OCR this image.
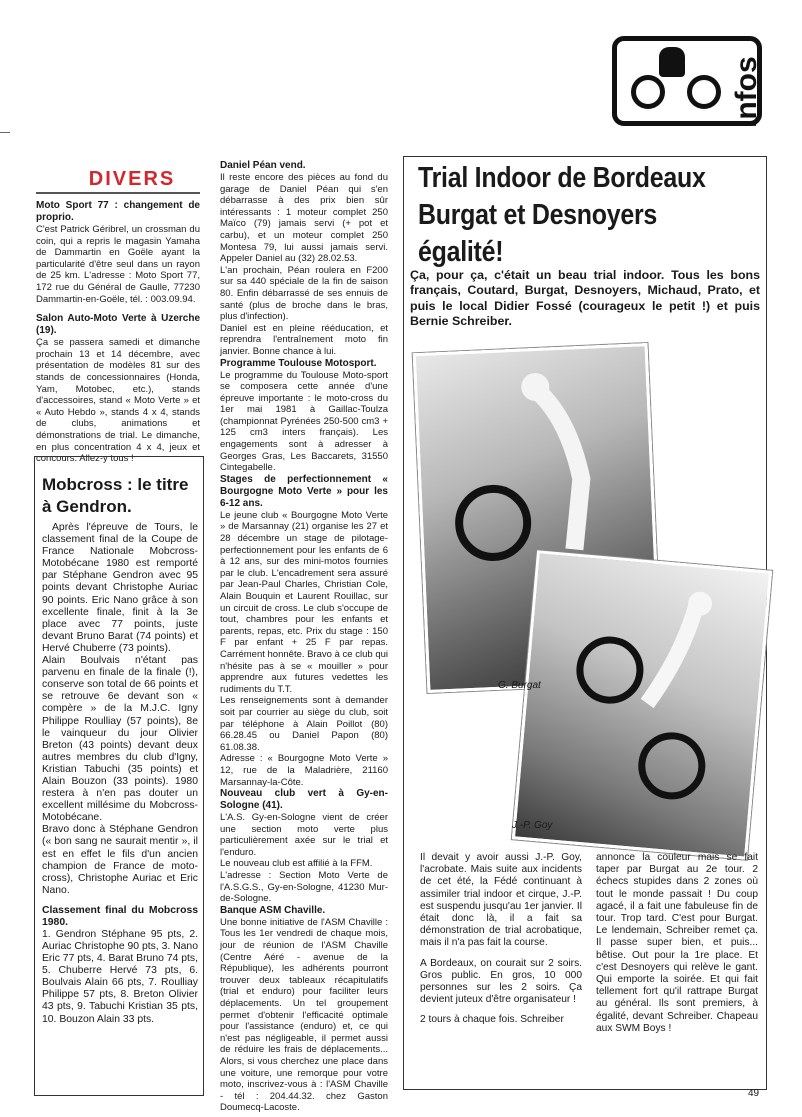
infos
DIVERS

Moto Sport 77 : changement de proprio.

C'est Patrick Géribrel, un crossman du coin, qui a repris le magasin Yamaha de Dammartin en Goële ayant la particularité d'être seul dans un rayon de 25 km. L'adresse : Moto Sport 77, 172 rue du Général de Gaulle, 77230 Dammartin-en-Goële, tél. : 003.09.94.

Salon Auto-Moto Verte à Uzerche (19).

Ça se passera samedi et dimanche prochain 13 et 14 décembre, avec présentation de modèles 81 sur des stands de concessionnaires (Honda, Yam, Motobec, etc.), stands d'accessoires, stand « Moto Verte » et « Auto Hebdo », stands 4 x 4, stands de clubs, animations et démonstrations de trial. Le dimanche, en plus concentration 4 x 4, jeux et concours. Allez-y tous !

Mobcross : le titre à Gendron.

Après l'épreuve de Tours, le classement final de la Coupe de France Nationale Mobcross-Motobécane 1980 est remporté par Stéphane Gendron avec 95 points devant Christophe Auriac 90 points. Eric Nano grâce à son excellente finale, finit à la 3e place avec 77 points, juste devant Bruno Barat (74 points) et Hervé Chuberre (73 points).

Alain Boulvais n'étant pas parvenu en finale de la finale (!), conserve son total de 66 points et se retrouve 6e devant son « compère » de la M.J.C. Igny Philippe Roulliay (57 points), 8e le vainqueur du jour Olivier Breton (43 points) devant deux autres membres du club d'Igny, Kristian Tabuchi (35 points) et Alain Bouzon (33 points). 1980 restera à n'en pas douter un excellent millésime du Mobcross-Motobécane.

Bravo donc à Stéphane Gendron (« bon sang ne saurait mentir », il est en effet le fils d'un ancien champion de France de moto-cross), Christophe Auriac et Eric Nano.

Classement final du Mobcross 1980.

1. Gendron Stéphane 95 pts, 2. Auriac Christophe 90 pts, 3. Nano Eric 77 pts, 4. Barat Bruno 74 pts, 5. Chuberre Hervé 73 pts, 6. Boulvais Alain 66 pts, 7. Roulliay Philippe 57 pts, 8. Breton Olivier 43 pts, 9. Tabuchi Kristian 35 pts, 10. Bouzon Alain 33 pts.

Daniel Péan vend.

Il reste encore des pièces au fond du garage de Daniel Péan qui s'en débarrasse à des prix bien sûr intéressants : 1 moteur complet 250 Maïco (79) jamais servi (+ pot et carbu), et un moteur complet 250 Montesa 79, lui aussi jamais servi. Appeler Daniel au (32) 28.02.53.

L'an prochain, Péan roulera en F200 sur sa 440 spéciale de la fin de saison 80. Enfin débarrassé de ses ennuis de santé (plus de broche dans le bras, plus d'infection).

Daniel est en pleine rééducation, et reprendra l'entraînement moto fin janvier. Bonne chance à lui.

Programme Toulouse Motosport.

Le programme du Toulouse Moto-sport se composera cette année d'une épreuve importante : le moto-cross du 1er mai 1981 à Gaillac-Toulza (championnat Pyrénées 250-500 cm3 + 125 cm3 inters français). Les engagements sont à adresser à Georges Gras, Les Baccarets, 31550 Cintegabelle.

Stages de perfectionnement « Bourgogne Moto Verte » pour les 6-12 ans.

Le jeune club « Bourgogne Moto Verte » de Marsannay (21) organise les 27 et 28 décembre un stage de pilotage-perfectionnement pour les enfants de 6 à 12 ans, sur des mini-motos fournies par le club. L'encadrement sera assuré par Jean-Paul Charles, Christian Cole, Alain Bouquin et Laurent Rouillac, sur un circuit de cross. Le club s'occupe de tout, chambres pour les enfants et parents, repas, etc. Prix du stage : 150 F par enfant + 25 F par repas. Carrément honnête. Bravo à ce club qui n'hésite pas à se « mouiller » pour apprendre aux futures vedettes les rudiments du T.T.

Les renseignements sont à demander soit par courrier au siège du club, soit par téléphone à Alain Poillot (80) 66.28.45 ou Daniel Papon (80) 61.08.38.

Adresse : « Bourgogne Moto Verte » 12, rue de la Maladrière, 21160 Marsannay-la-Côte.

Nouveau club vert à Gy-en-Sologne (41).

L'A.S. Gy-en-Sologne vient de créer une section moto verte plus particulièrement axée sur le trial et l'enduro.

Le nouveau club est affilié à la FFM.

L'adresse : Section Moto Verte de l'A.S.G.S., Gy-en-Sologne, 41230 Mur-de-Sologne.

Banque ASM Chaville.

Une bonne initiative de l'ASM Chaville : Tous les 1er vendredi de chaque mois, jour de réunion de l'ASM Chaville (Centre Aéré - avenue de la République), les adhérents pourront trouver deux tableaux récapitulatifs (trial et enduro) pour faciliter leurs déplacements. Un tel groupement permet d'obtenir l'efficacité optimale pour l'assistance (enduro) et, ce qui n'est pas négligeable, il permet aussi de réduire les frais de déplacements... Alors, si vous cherchez une place dans une voiture, une remorque pour votre moto, inscrivez-vous à : l'ASM Chaville - tél : 204.44.32. chez Gaston Doumecq-Lacoste.

Trial Indoor de Bordeaux
Burgat et Desnoyers
égalité!
Ça, pour ça, c'était un beau trial indoor. Tous les bons français, Coutard, Burgat, Desnoyers, Michaud, Prato, et puis le local Didier Fossé (courageux le petit !) et puis Bernie Schreiber.
G. Burgat
J.-P. Goy

Il devait y avoir aussi J.-P. Goy, l'acrobate. Mais suite aux incidents de cet été, la Fédé continuant à assimiler trial indoor et cirque, J.-P. est suspendu jusqu'au 1er janvier. Il était donc là, il a fait sa démonstration de trial acrobatique, mais il n'a pas fait la course.

A Bordeaux, on courait sur 2 soirs. Gros public. En gros, 10 000 personnes sur les 2 soirs. Ça devient juteux d'être organisateur !

2 tours à chaque fois. Schreiber

annonce la couleur mais se fait taper par Burgat au 2e tour. 2 échecs stupides dans 2 zones où tout le monde passait ! Du coup agacé, il a fait une fabuleuse fin de tour. Trop tard. C'est pour Burgat. Le lendemain, Schreiber remet ça. Il passe super bien, et puis... bêtise. Out pour la 1re place. Et c'est Desnoyers qui relève le gant. Qui emporte la soirée. Et qui fait tellement fort qu'il rattrape Burgat au général. Ils sont premiers, à égalité, devant Schreiber. Chapeau aux SWM Boys !

49
